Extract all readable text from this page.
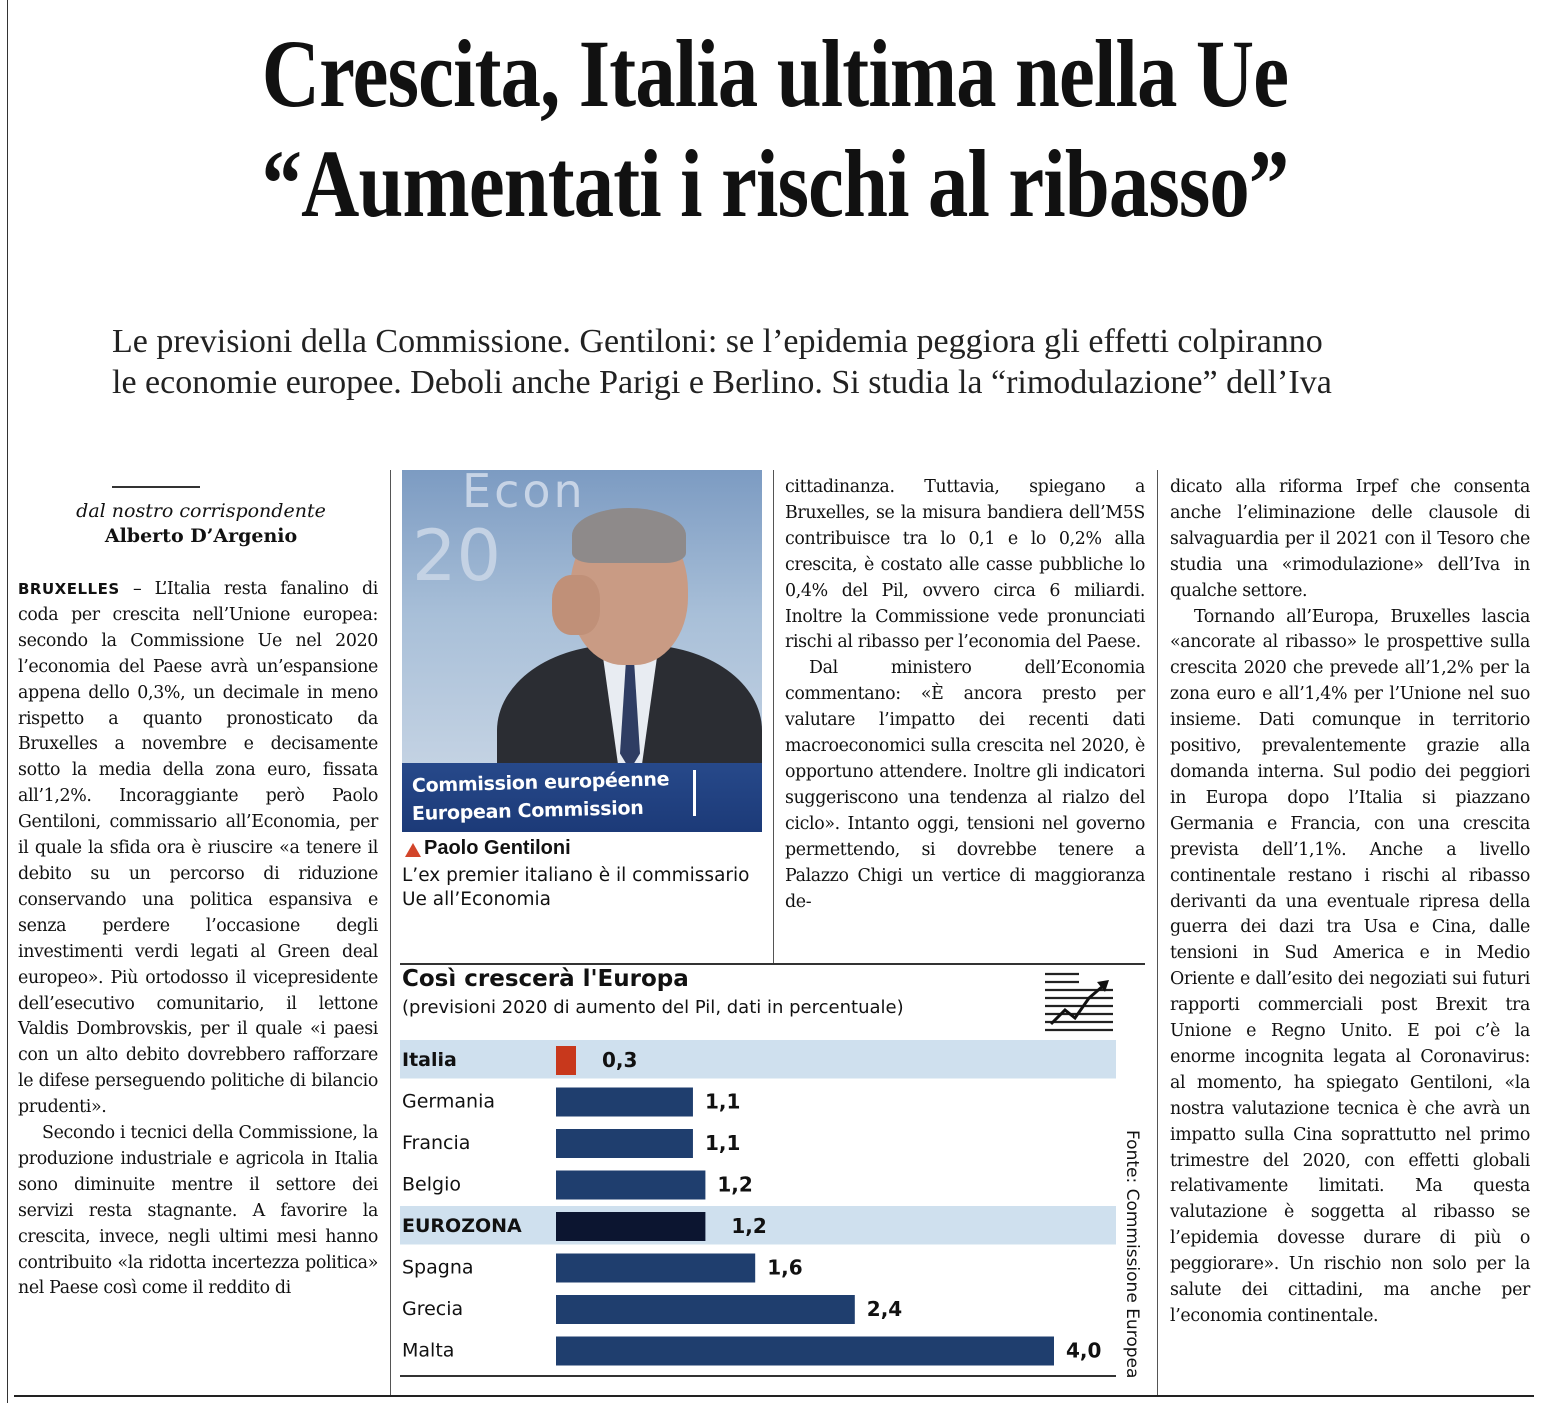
Crescita, Italia ultima nella Ue
“Aumentati i rischi al ribasso”
Le previsioni della Commissione. Gentiloni: se l’epidemia peggiora gli effetti colpiranno
le economie europee. Deboli anche Parigi e Berlino. Si studia la “rimodulazione” dell’Iva
dal nostro corrispondente
Alberto D’Argenio

BRUXELLES – L’Italia resta fanalino di coda per crescita nell’Unione europea: secondo la Commissione Ue nel 2020 l’economia del Paese avrà un’espansione appena dello 0,3%, un decimale in meno rispetto a quanto pronosticato da Bruxelles a novembre e decisamente sotto la media della zona euro, fissata all’1,2%. Incoraggiante però Paolo Gentiloni, commissario all’Economia, per il quale la sfida ora è riuscire «a tenere il debito su un percorso di riduzione conservando una politica espansiva e senza perdere l’occasione degli investimenti verdi legati al Green deal europeo». Più ortodosso il vicepresidente dell’esecutivo comunitario, il lettone Valdis Dombrovskis, per il quale «i paesi con un alto debito dovrebbero rafforzare le difese perseguendo politiche di bilancio prudenti».

Secondo i tecnici della Commissione, la produzione industriale e agricola in Italia sono diminuite mentre il settore dei servizi resta stagnante. A favorire la crescita, invece, negli ultimi mesi hanno contribuito «la ridotta incertezza politica» nel Paese così come il reddito di

Econ
20
Commission européenne
European Commission
Paolo Gentiloni
L’ex premier italiano è il commissario Ue all’Economia

cittadinanza. Tuttavia, spiegano a Bruxelles, se la misura bandiera dell’M5S contribuisce tra lo 0,1 e lo 0,2% alla crescita, è costato alle casse pubbliche lo 0,4% del Pil, ovvero circa 6 miliardi. Inoltre la Commissione vede pronunciati rischi al ribasso per l’economia del Paese.

Dal ministero dell’Economia commentano: «È ancora presto per valutare l’impatto dei recenti dati macroeconomici sulla crescita nel 2020, è opportuno attendere. Inoltre gli indicatori suggeriscono una tendenza al rialzo del ciclo». Intanto oggi, tensioni nel governo permettendo, si dovrebbe tenere a Palazzo Chigi un vertice di maggioranza de-

dicato alla riforma Irpef che consenta anche l’eliminazione delle clausole di salvaguardia per il 2021 con il Tesoro che studia una «rimodulazione» dell’Iva in qualche settore.

Tornando all’Europa, Bruxelles lascia «ancorate al ribasso» le prospettive sulla crescita 2020 che prevede all’1,2% per la zona euro e all’1,4% per l’Unione nel suo insieme. Dati comunque in territorio positivo, prevalentemente grazie alla domanda interna. Sul podio dei peggiori in Europa dopo l’Italia si piazzano Germania e Francia, con una crescita prevista dell’1,1%. Anche a livello continentale restano i rischi al ribasso derivanti da una eventuale ripresa della guerra dei dazi tra Usa e Cina, dalle tensioni in Sud America e in Medio Oriente e dall’esito dei negoziati sui futuri rapporti commerciali post Brexit tra Unione e Regno Unito. E poi c’è la enorme incognita legata al Coronavirus: al momento, ha spiegato Gentiloni, «la nostra valutazione tecnica è che avrà un impatto sulla Cina soprattutto nel primo trimestre del 2020, con effetti globali relativamente limitati. Ma questa valutazione è soggetta al ribasso se l’epidemia dovesse durare di più o peggiorare». Un rischio non solo per la salute dei cittadini, ma anche per l’economia continentale.

Così crescerà l'Europa
(previsioni 2020 di aumento del Pil, dati in percentuale)
Italia	0,3
Germania	1,1
Francia	1,1
Belgio	1,2
EUROZONA	1,2
Spagna	1,6
Grecia	2,4
Malta	4,0 Fonte: Commissione Europea
